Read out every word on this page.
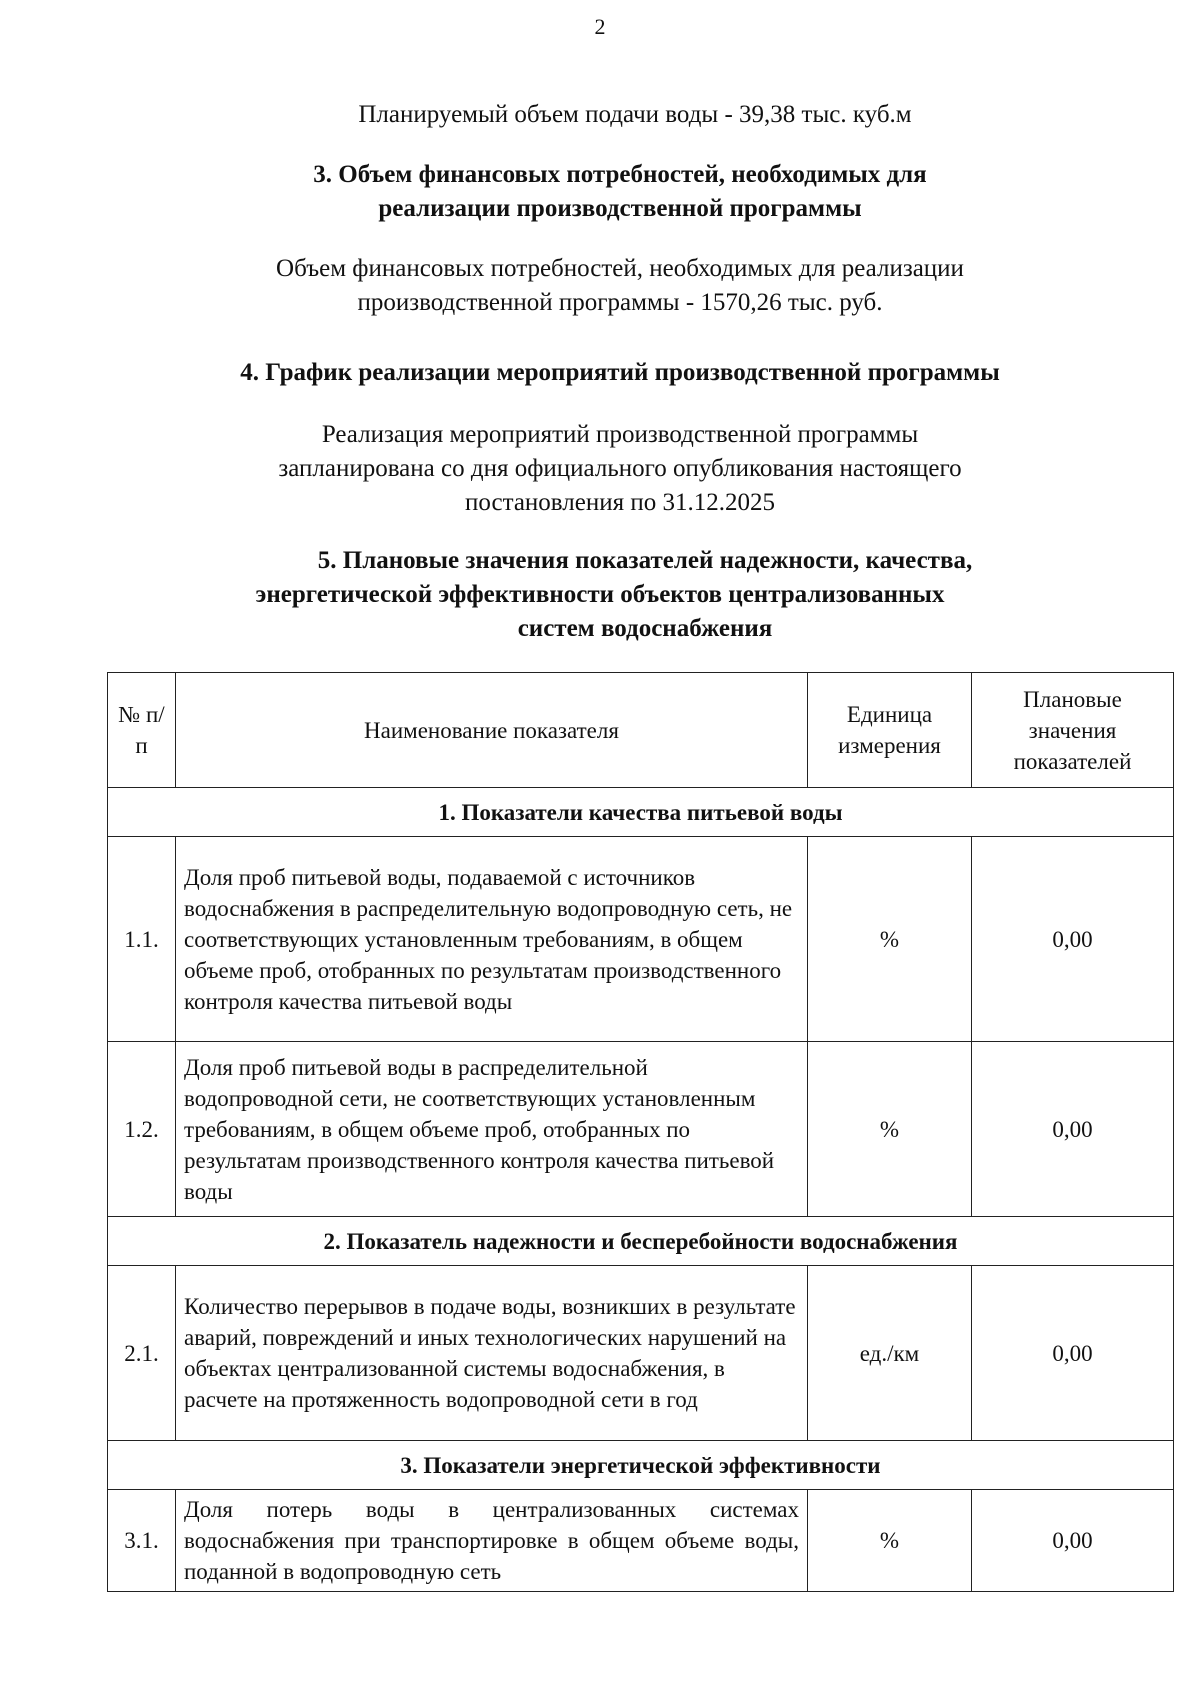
2
Планируемый объем подачи воды - 39,38 тыс. куб.м
3. Объем финансовых потребностей, необходимых для
реализации производственной программы
Объем финансовых потребностей, необходимых для реализации
производственной программы - 1570,26 тыс. руб.
4. График реализации мероприятий производственной программы
Реализация мероприятий производственной программы
запланирована со дня официального опубликования настоящего
постановления по 31.12.2025
5. Плановые значения показателей надежности, качества,
энергетической эффективности объектов централизованных
систем водоснабжения
№ п/п	Наименование показателя	Единица измерения	Плановые значения показателей
1. Показатели качества питьевой воды			
1.1.	Доля проб питьевой воды, подаваемой с источников водоснабжения в распределительную водопроводную сеть, не соответствующих установленным требованиям, в общем объеме проб, отобранных по результатам производственного контроля качества питьевой воды	%	0,00
1.2.	Доля проб питьевой воды в распределительной водопроводной сети, не соответствующих установленным требованиям, в общем объеме проб, отобранных по результатам производственного контроля качества питьевой воды	%	0,00
2. Показатель надежности и бесперебойности водоснабжения			
2.1.	Количество перерывов в подаче воды, возникших в результате аварий, повреждений и иных технологических нарушений на объектах централизованной системы водоснабжения, в расчете на протяженность водопроводной сети в год	ед./км	0,00
3. Показатели энергетической эффективности			
3.1.	Доля потерь воды в централизованных системах водоснабжения при транспортировке в общем объеме воды, поданной в водопроводную сеть	%	0,00
